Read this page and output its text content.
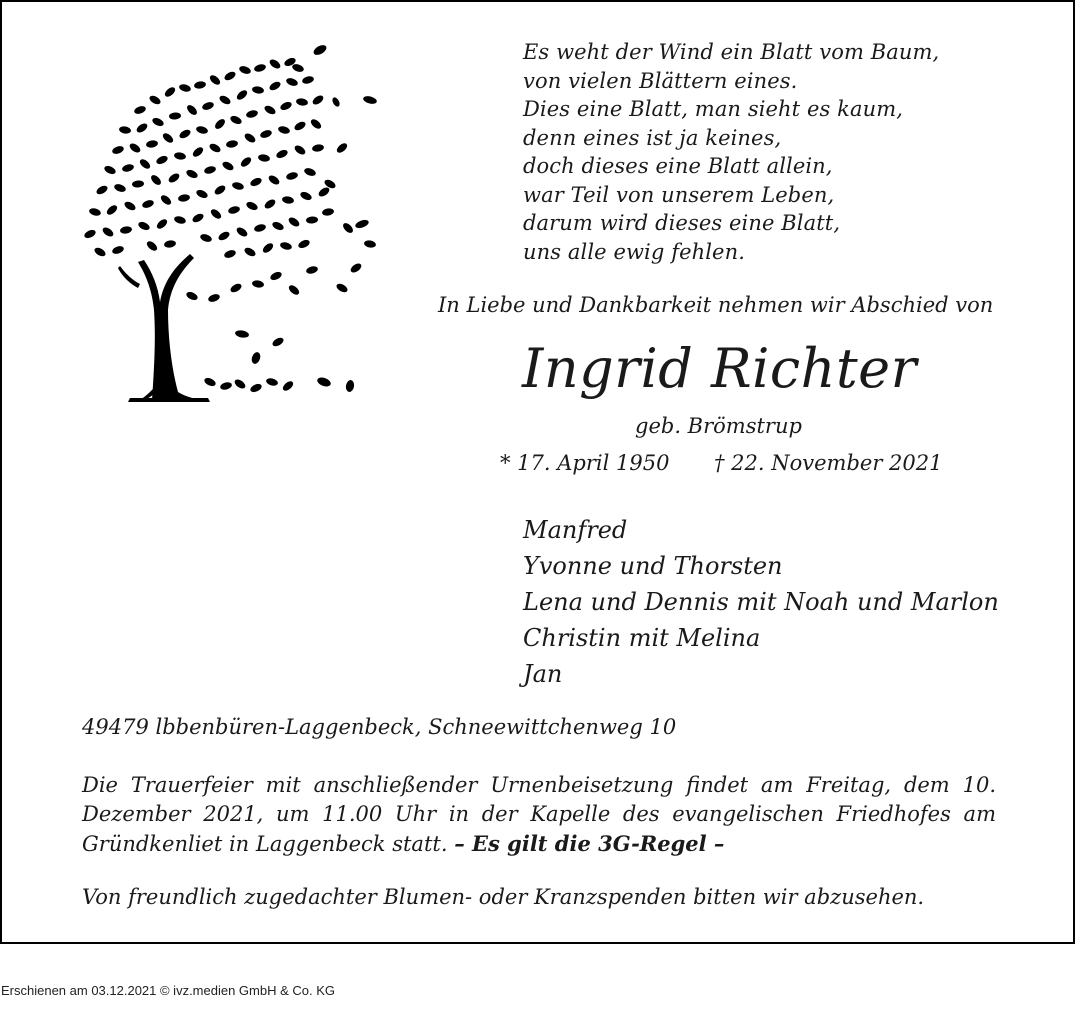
Es weht der Wind ein Blatt vom Baum,
von vielen Blättern eines.
Dies eine Blatt, man sieht es kaum,
denn eines ist ja keines,
doch dieses eine Blatt allein,
war Teil von unserem Leben,
darum wird dieses eine Blatt,
uns alle ewig fehlen.
In Liebe und Dankbarkeit nehmen wir Abschied von
Ingrid Richter
geb. Brömstrup
* 17. April 1950 † 22. November 2021
Manfred
Yvonne und Thorsten
Lena und Dennis mit Noah und Marlon
Christin mit Melina
Jan
49479 lbbenbüren-Laggenbeck, Schneewittchenweg 10
Die Trauerfeier mit anschließender Urnenbeisetzung findet am Freitag, dem 10. Dezember 2021, um 11.00 Uhr in der Kapelle des evangelischen Friedhofes am Gründkenliet in Laggenbeck statt. – Es gilt die 3G-Regel –
Von freundlich zugedachter Blumen- oder Kranzspenden bitten wir abzusehen.
Erschienen am 03.12.2021 © ivz.medien GmbH & Co. KG
